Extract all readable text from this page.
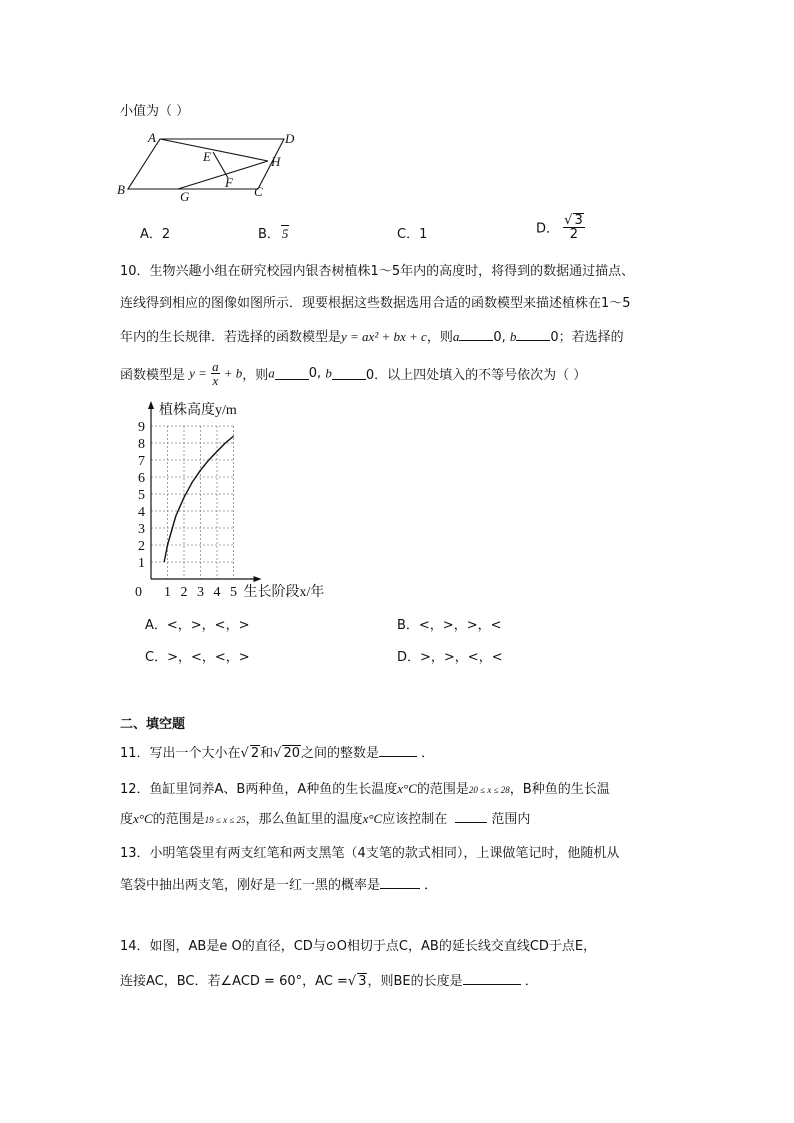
小值为（ ）
A	D
E	H
B	G
F
C
A．2	B． 5	C．1	D． $\frac{√ 3}{2}$
10．生物兴趣小组在研究校园内银杏树植株1～5年内的高度时，将得到的数据通过描点、
连线得到相应的图像如图所示．现要根据这些数据选用合适的函数模型来描述植株在1～5
年内的生长规律．若选择的函数模型是y = ax² + bx + c，则a	0, b	0；若选择的
函数模型是 $y = \frac{a}{x} + b$，则a	0, b	0．以上四处填入的不等号依次为（ ）
1 2 3 4 5
1
2
3
4
5
6
7
8
9
0
植株高度y/m
生长阶段x/年
A．<，>，<，>	B．<，>，>，<
C．>，<，<，>	D．>，>，<，<
二、填空题
11．写出一个大小在√ 2和√ 20之间的整数是	．
12．鱼缸里饲养A、B两种鱼，A种鱼的生长温度x°C的范围是20 ≤ x ≤ 28，B种鱼的生长温
度x°C的范围是19 ≤ x ≤ 25，那么鱼缸里的温度x°C应该控制在	范围内
13．小明笔袋里有两支红笔和两支黑笔（4支笔的款式相同），上课做笔记时，他随机从
笔袋中抽出两支笔，刚好是一红一黑的概率是	．
14．如图，AB是e O的直径，CD与⊙O相切于点C，AB的延长线交直线CD于点E，
连接AC，BC．若∠ACD = 60°，AC =√ 3，则BE的长度是	．
